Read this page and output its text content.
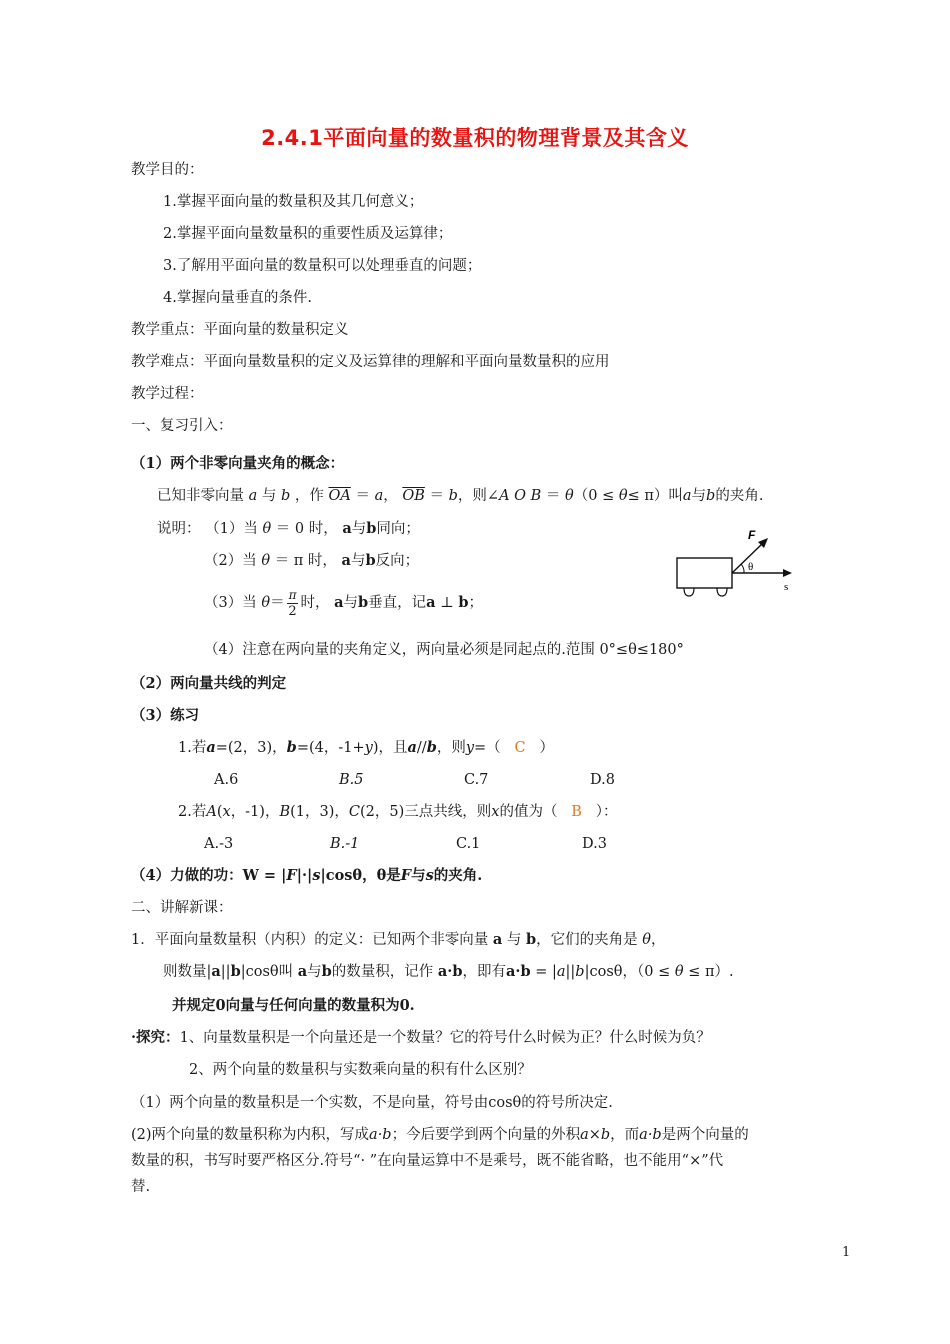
2.4.1平面向量的数量积的物理背景及其含义
教学目的：
1.掌握平面向量的数量积及其几何意义；
2.掌握平面向量数量积的重要性质及运算律；
3.了解用平面向量的数量积可以处理垂直的问题；
4.掌握向量垂直的条件.
教学重点：平面向量的数量积定义
教学难点：平面向量数量积的定义及运算律的理解和平面向量数量积的应用
教学过程：
一、复习引入：
（1）两个非零向量夹角的概念：
已知非零向量 a 与 b ，作 $\overline{OA} = a$， $\overline{OB} = b$，则∠A O B ＝ θ（0 ≤ θ≤ π）叫a与b的夹角.
说明： （1）当 θ ＝ 0 时， a与b同向；
（2）当 θ ＝ π 时， a与b反向；
（3）当 $\theta= \frac{\pi}{2}$ 时， a与b垂直，记a ⊥ b；
（4）注意在两向量的夹角定义，两向量必须是同起点的.范围 0°≤θ≤180°
F
θ
s
（2）两向量共线的判定
（3）练习
1.若a=(2，3)，b=(4，-1+y)，且a//b，则y=（ C ）
A.6	B.5	C.7	D.8
2.若A(x，-1)，B(1，3)，C(2，5)三点共线，则x的值为（ B ）：
A.-3	B.-1	C.1	D.3
（4）力做的功：W = |F|·|s|cosθ，θ是F与s的夹角.
二、讲解新课：
1．平面向量数量积（内积）的定义：已知两个非零向量 a 与 b，它们的夹角是 θ，
则数量|a||b|cosθ叫 a与b的数量积，记作 a·b，即有a·b = |a||b|cosθ，（0 ≤ θ ≤ π）.
并规定0向量与任何向量的数量积为0.
·探究：1、向量数量积是一个向量还是一个数量？它的符号什么时候为正？什么时候为负？
2、两个向量的数量积与实数乘向量的积有什么区别？
（1）两个向量的数量积是一个实数，不是向量，符号由cosθ的符号所决定.
(2)两个向量的数量积称为内积，写成a·b；今后要学到两个向量的外积a×b，而a·b是两个向量的
数量的积，书写时要严格区分.符号“· ”在向量运算中不是乘号，既不能省略，也不能用“×”代
替.
1
